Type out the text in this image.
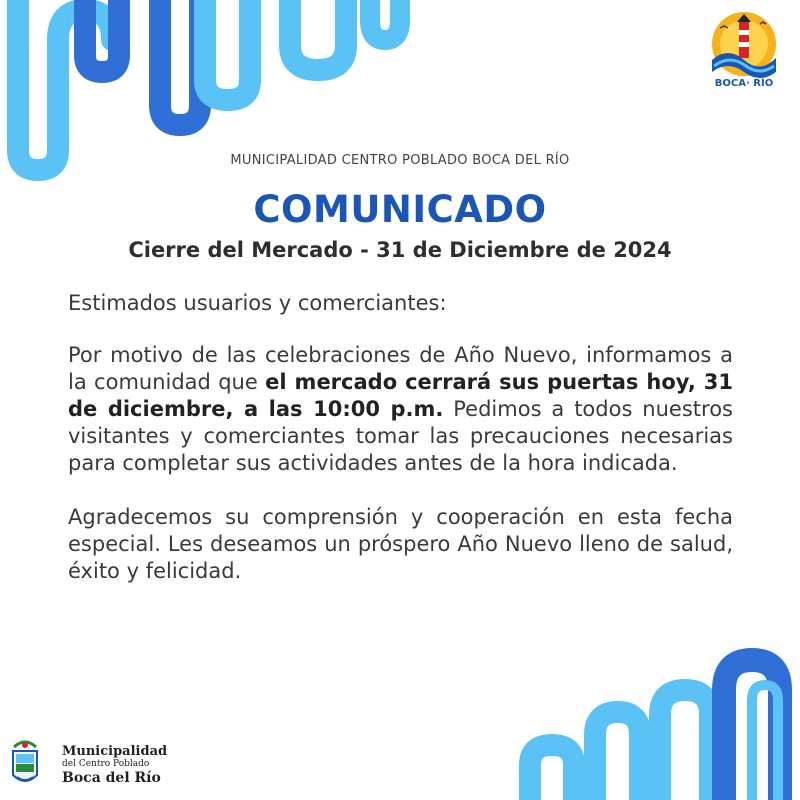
BOCA· RÍO
MUNICIPALIDAD CENTRO POBLADO BOCA DEL RÍO
COMUNICADO
Cierre del Mercado - 31 de Diciembre de 2024

Estimados usuarios y comerciantes:

Por motivo de las celebraciones de Año Nuevo, informamos a la comunidad que el mercado cerrará sus puertas hoy, 31 de diciembre, a las 10:00 p.m. Pedimos a todos nuestros visitantes y comerciantes tomar las precauciones necesarias para completar sus actividades antes de la hora indicada.

Agradecemos su comprensión y cooperación en esta fecha especial. Les deseamos un próspero Año Nuevo lleno de salud, éxito y felicidad.

Municipalidad
del Centro Poblado
Boca del Río
